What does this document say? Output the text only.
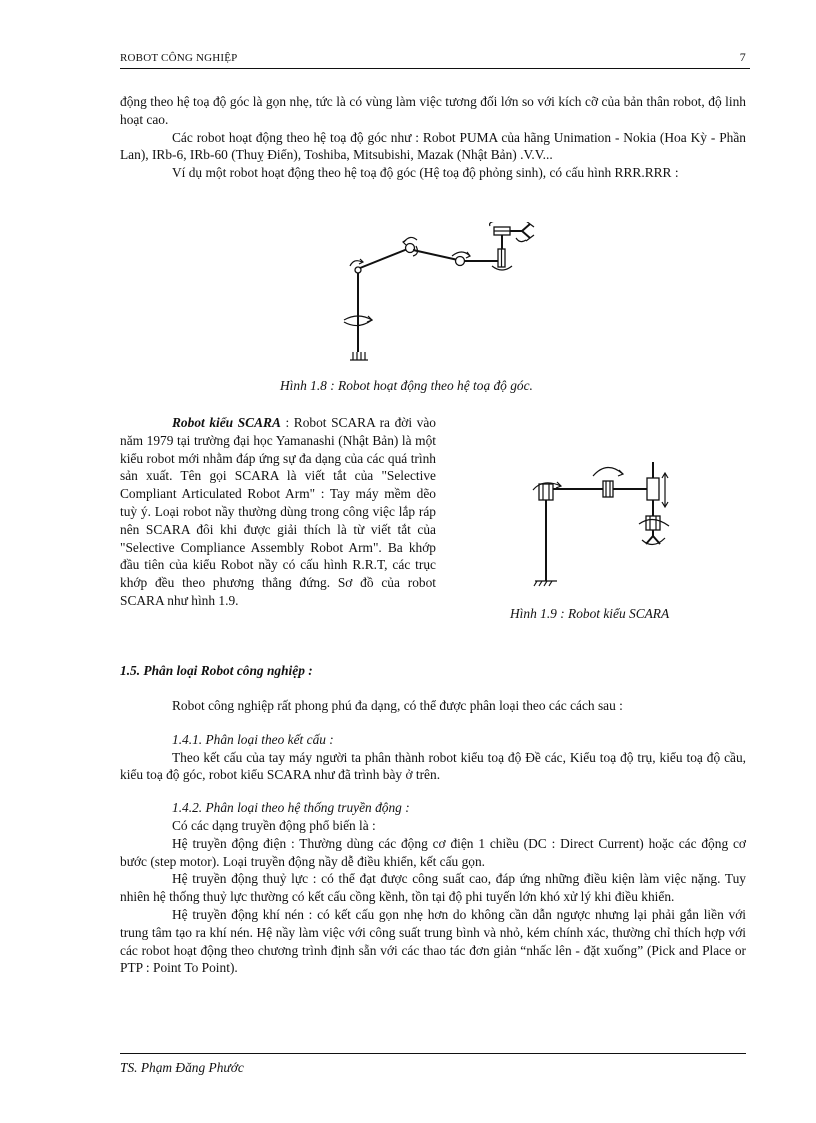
ROBOT CÔNG NGHIỆP	7

động theo hệ toạ độ góc là gọn nhẹ, tức là có vùng làm việc tương đối lớn so với kích cỡ của bản thân robot, độ linh hoạt cao.

Các robot hoạt động theo hệ toạ độ góc như : Robot PUMA của hãng Unimation - Nokia (Hoa Kỳ - Phần Lan), IRb-6, IRb-60 (Thuỵ Điển), Toshiba, Mitsubishi, Mazak (Nhật Bản) .V.V...

Ví dụ một robot hoạt động theo hệ toạ độ góc (Hệ toạ độ phỏng sinh), có cấu hình RRR.RRR :

Hình 1.8 : Robot hoạt động theo hệ toạ độ góc.
Robot kiểu SCARA : Robot SCARA ra đời vào năm 1979 tại trường đại học Yamanashi (Nhật Bản) là một kiểu robot mới nhằm đáp ứng sự đa dạng của các quá trình sản xuất. Tên gọi SCARA là viết tắt của "Selective Compliant Articulated Robot Arm" : Tay máy mềm dẽo tuỳ ý. Loại robot nầy thường dùng trong công việc lắp ráp nên SCARA đôi khi được giải thích là từ viết tắt của "Selective Compliance Assembly Robot Arm". Ba khớp đầu tiên của kiểu Robot nầy có cấu hình R.R.T, các trục khớp đều theo phương thẳng đứng. Sơ đồ của robot SCARA như hình 1.9.
Hình 1.9 : Robot kiểu SCARA
1.5. Phân loại Robot công nghiệp :

Robot công nghiệp rất phong phú đa dạng, có thể được phân loại theo các cách sau :

1.4.1. Phân loại theo kết cấu :

Theo kết cấu của tay máy người ta phân thành robot kiểu toạ độ Đề các, Kiểu toạ độ trụ, kiểu toạ độ cầu, kiểu toạ độ góc, robot kiểu SCARA như đã trình bày ở trên.

1.4.2. Phân loại theo hệ thống truyền động :

Có các dạng truyền động phổ biến là :

Hệ truyền động điện : Thường dùng các động cơ điện 1 chiều (DC : Direct Current) hoặc các động cơ bước (step motor). Loại truyền động nầy dễ điều khiển, kết cấu gọn.

Hệ truyền động thuỷ lực : có thể đạt được công suất cao, đáp ứng những điều kiện làm việc nặng. Tuy nhiên hệ thống thuỷ lực thường có kết cấu cồng kềnh, tồn tại độ phi tuyến lớn khó xử lý khi điều khiển.

Hệ truyền động khí nén : có kết cấu gọn nhẹ hơn do không cần dẫn ngược nhưng lại phải gắn liền với trung tâm tạo ra khí nén. Hệ nầy làm việc với công suất trung bình và nhỏ, kém chính xác, thường chỉ thích hợp với các robot hoạt động theo chương trình định sẵn với các thao tác đơn giản “nhấc lên - đặt xuống” (Pick and Place or PTP : Point To Point).

TS. Phạm Đăng Phước
